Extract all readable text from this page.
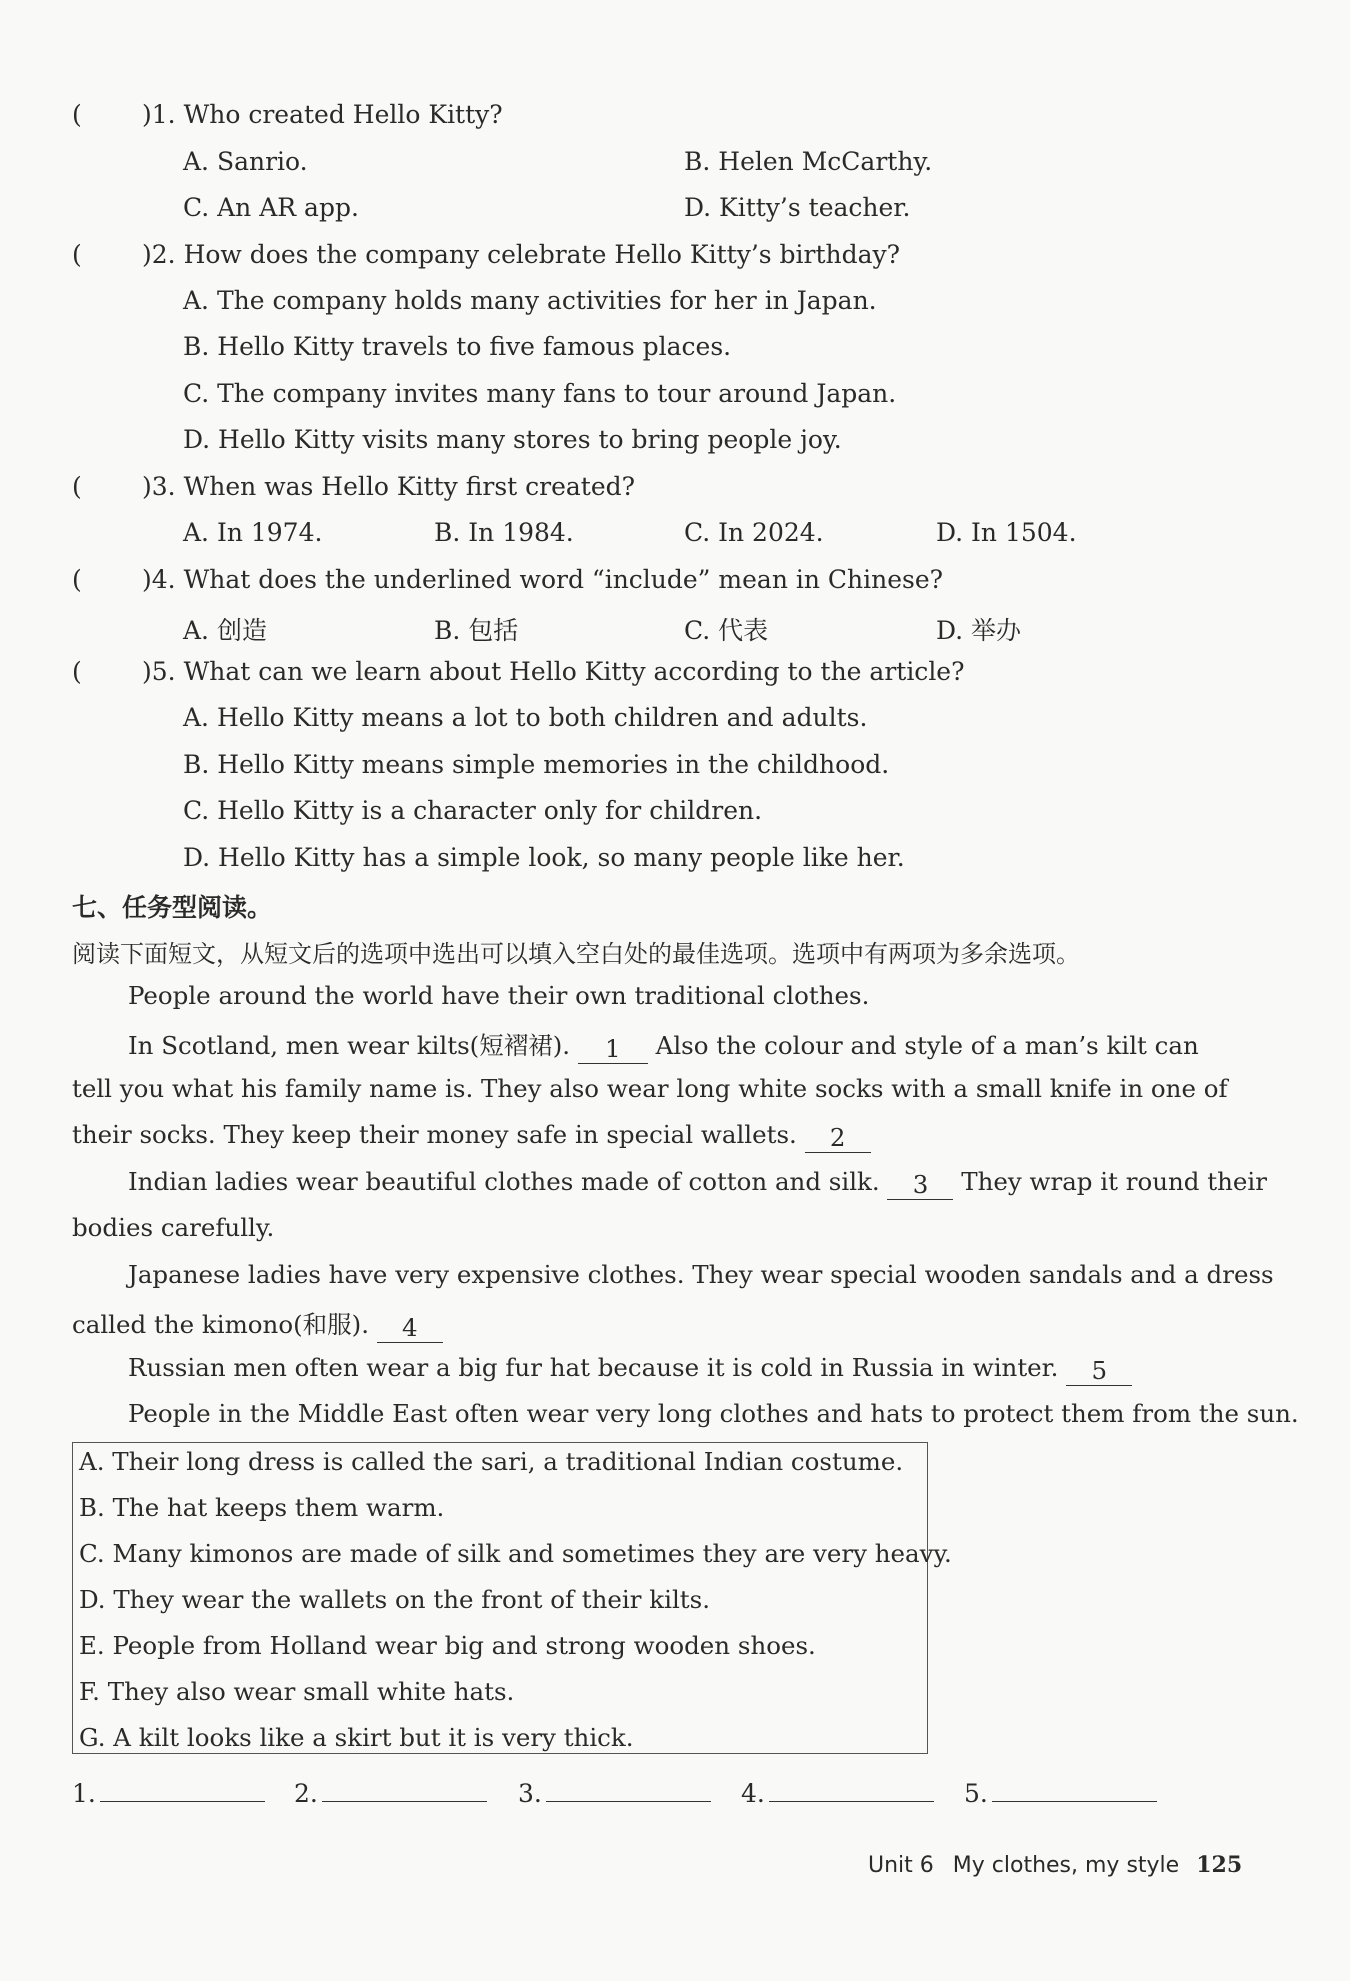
( )1. Who created Hello Kitty?
A. Sanrio.	B. Helen McCarthy.
C. An AR app.	D. Kitty’s teacher.
( )2. How does the company celebrate Hello Kitty’s birthday?
A. The company holds many activities for her in Japan.
B. Hello Kitty travels to five famous places.
C. The company invites many fans to tour around Japan.
D. Hello Kitty visits many stores to bring people joy.
( )3. When was Hello Kitty first created?
A. In 1974.	B. In 1984.	C. In 2024.	D. In 1504.
( )4. What does the underlined word “include” mean in Chinese?
A. 创造	B. 包括	C. 代表	D. 举办
( )5. What can we learn about Hello Kitty according to the article?
A. Hello Kitty means a lot to both children and adults.
B. Hello Kitty means simple memories in the childhood.
C. Hello Kitty is a character only for children.
D. Hello Kitty has a simple look, so many people like her.
七、任务型阅读。
阅读下面短文，从短文后的选项中选出可以填入空白处的最佳选项。选项中有两项为多余选项。
People around the world have their own traditional clothes.
In Scotland, men wear kilts(短褶裙). 1 Also the colour and style of a man’s kilt can
tell you what his family name is. They also wear long white socks with a small knife in one of
their socks. They keep their money safe in special wallets. 2
Indian ladies wear beautiful clothes made of cotton and silk. 3 They wrap it round their
bodies carefully.
Japanese ladies have very expensive clothes. They wear special wooden sandals and a dress
called the kimono(和服). 4
Russian men often wear a big fur hat because it is cold in Russia in winter. 5
People in the Middle East often wear very long clothes and hats to protect them from the sun.
A. Their long dress is called the sari, a traditional Indian costume.
B. The hat keeps them warm.
C. Many kimonos are made of silk and sometimes they are very heavy.
D. They wear the wallets on the front of their kilts.
E. People from Holland wear big and strong wooden shoes.
F. They also wear small white hats.
G. A kilt looks like a skirt but it is very thick.
1.	2.	3.	4.	5.
Unit 6 My clothes, my style 125
